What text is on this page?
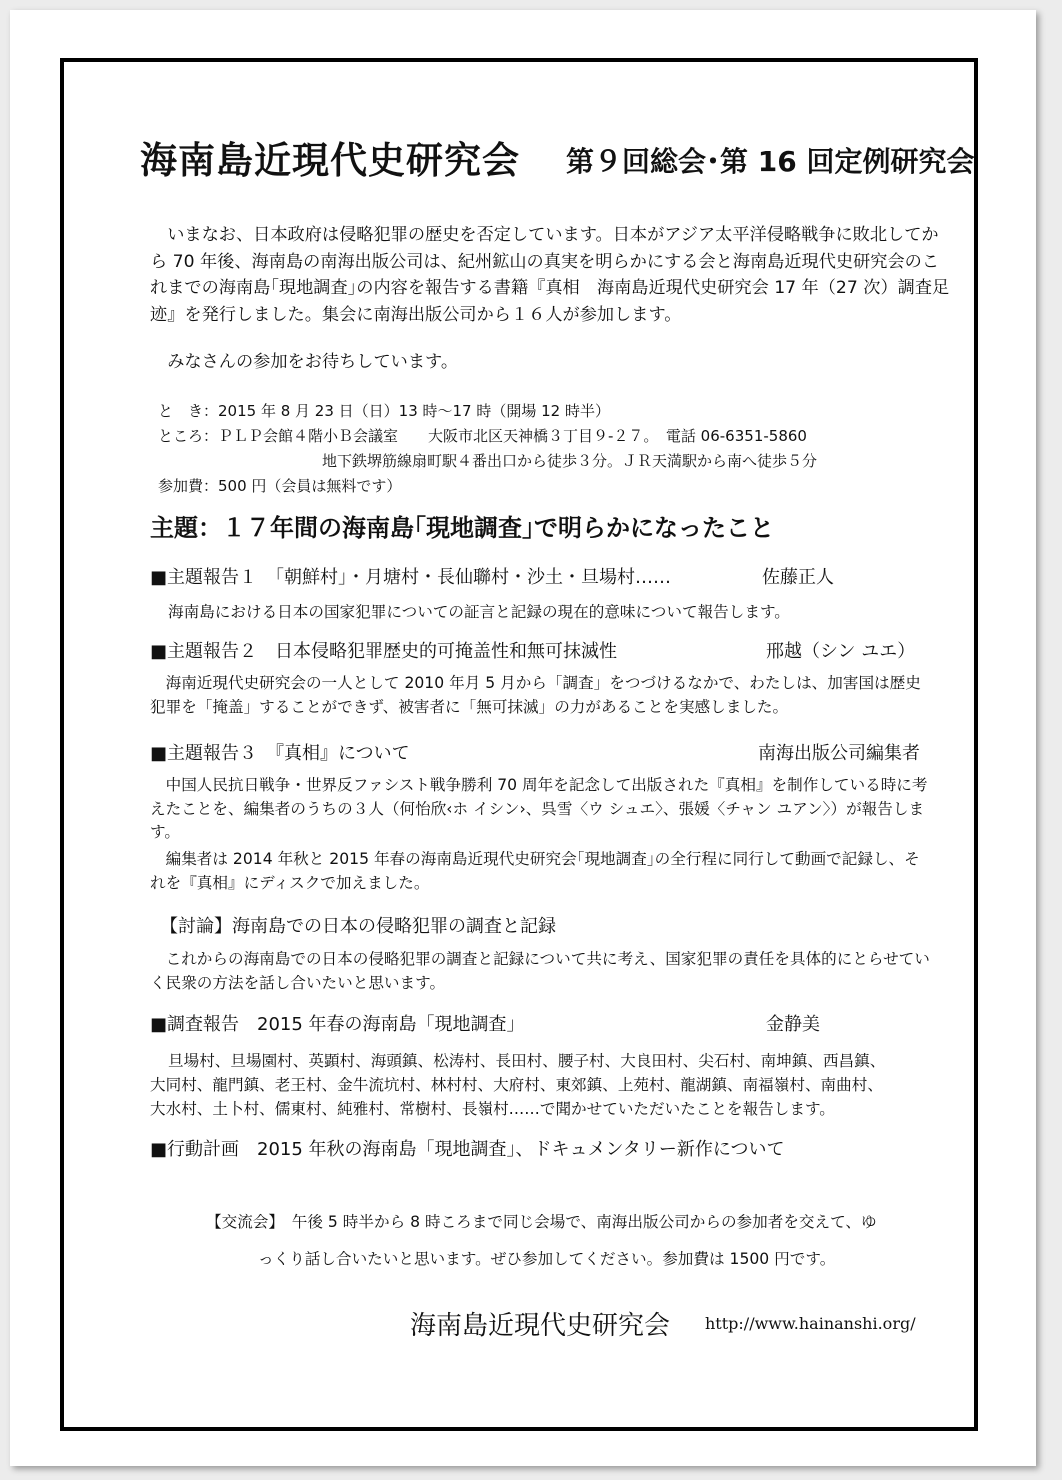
海南島近現代史研究会 第９回総会･第 16 回定例研究会

いまなお、日本政府は侵略犯罪の歴史を否定しています。日本がアジア太平洋侵略戦争に敗北してから 70 年後、海南島の南海出版公司は、紀州鉱山の真実を明らかにする会と海南島近現代史研究会のこれまでの海南島｢現地調査｣の内容を報告する書籍『真相　海南島近現代史研究会 17 年（27 次）調査足迹』を発行しました。集会に南海出版公司から１６人が参加します。

みなさんの参加をお待ちしています。
と　き：2015 年 8 月 23 日（日）13 時～17 時（開場 12 時半）
ところ：ＰＬＰ会館４階小Ｂ会議室　　大阪市北区天神橋３丁目９-２７。　電話 06-6351-5860
地下鉄堺筋線扇町駅４番出口から徒歩３分。ＪＲ天満駅から南へ徒歩５分
参加費：500 円（会員は無料です）
主題：１７年間の海南島｢現地調査｣で明らかになったこと
■主題報告１　「朝鮮村」・月塘村・長仙聯村・沙土・旦場村……	佐藤正人
海南島における日本の国家犯罪についての証言と記録の現在的意味について報告します。
■主題報告２　日本侵略犯罪歴史的可掩盖性和無可抹滅性	邢越（シン ユエ）
海南近現代史研究会の一人として 2010 年月 5 月から「調査」をつづけるなかで、わたしは、加害国は歴史犯罪を「掩盖」することができず、被害者に「無可抹滅」の力があることを実感しました。
■主題報告３　『真相』について	南海出版公司編集者
中国人民抗日戦争・世界反ファシスト戦争勝利 70 周年を記念して出版された『真相』を制作している時に考えたことを、編集者のうちの３人（何怡欣‹ホ イシン›、呉雪〈ウ シュエ〉、張媛〈チャン ユアン〉）が報告します。
編集者は 2014 年秋と 2015 年春の海南島近現代史研究会｢現地調査｣の全行程に同行して動画で記録し、それを『真相』にディスクで加えました。
【討論】海南島での日本の侵略犯罪の調査と記録
これからの海南島での日本の侵略犯罪の調査と記録について共に考え、国家犯罪の責任を具体的にとらせていく民衆の方法を話し合いたいと思います。
■調査報告　2015 年春の海南島「現地調査」	金静美
旦場村、旦場園村、英顕村、海頭鎮、松涛村、長田村、腰子村、大良田村、尖石村、南坤鎮、西昌鎮、
大同村、龍門鎮、老王村、金牛流坑村、林村村、大府村、東郊鎮、上苑村、龍湖鎮、南福嶺村、南曲村、
大水村、土卜村、儒東村、純雅村、常樹村、長嶺村……で聞かせていただいたことを報告します。
■行動計画　2015 年秋の海南島「現地調査」、ドキュメンタリー新作について
【交流会】　午後 5 時半から 8 時ころまで同じ会場で、南海出版公司からの参加者を交えて、ゆ
っくり話し合いたいと思います。ぜひ参加してください。参加費は 1500 円です。
海南島近現代史研究会 http://www.hainanshi.org/
